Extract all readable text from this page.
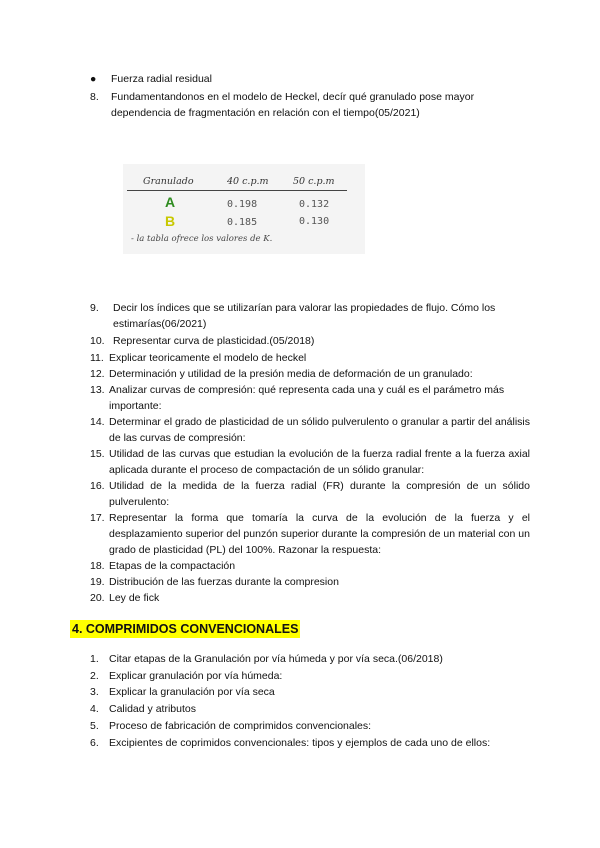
● Fuerza radial residual
8.	Fundamentandonos en el modelo de Heckel, decír qué granulado pose mayor dependencia de fragmentación en relación con el tiempo(05/2021)
Granulado	40 c.p.m	50 c.p.m
A	0.198	0.132
B	0.185	0.130
- la tabla ofrece los valores de K.
9.	Decir los índices que se utilizarían para valorar las propiedades de flujo. Cómo los estimarías(06/2021)
10. Representar curva de plasticidad.(05/2018)
11. Explicar teoricamente el modelo de heckel
12. Determinación y utilidad de la presión media de deformación de un granulado:
13. Analizar curvas de compresión: qué representa cada una y cuál es el parámetro más importante:
14. Determinar el grado de plasticidad de un sólido pulverulento o granular a partir del análisis de las curvas de compresión:
15. Utilidad de las curvas que estudian la evolución de la fuerza radial frente a la fuerza axial aplicada durante el proceso de compactación de un sólido granular:
16. Utilidad de la medida de la fuerza radial (FR) durante la compresión de un sólido pulverulento:
17. Representar la forma que tomaría la curva de la evolución de la fuerza y el desplazamiento superior del punzón superior durante la compresión de un material con un grado de plasticidad (PL) del 100%. Razonar la respuesta:
18. Etapas de la compactación
19. Distribución de las fuerzas durante la compresion
20. Ley de fick
4. COMPRIMIDOS CONVENCIONALES
1. Citar etapas de la Granulación por vía húmeda y por vía seca.(06/2018)
2. Explicar granulación por vía húmeda:
3. Explicar la granulación por vía seca
4. Calidad y atributos
5. Proceso de fabricación de comprimidos convencionales:
6. Excipientes de coprimidos convencionales: tipos y ejemplos de cada uno de ellos:
